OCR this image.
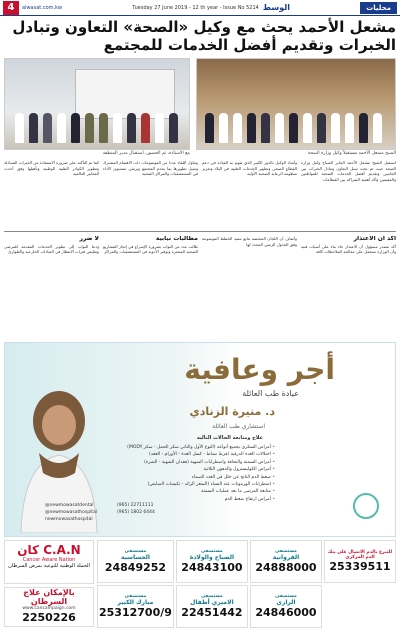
4	alwasat.com.kw	Tuesday 27 June 2019 - 12 th year - Issue No 5214 الوسط	محليات
مشعل الأحمد يحث مع وكيل «الصحة» التعاون وتبادل الخبرات وتقديم أفضل الخدمات للمجتمع
مع الاستاذة، ثم الحضور، استقبال مدير المنطقة	الشيخ مشعل الأحمد مستقبلاً وكيل وزارة الصحة
استقبل الشيخ مشعل الأحمد الجابر الصباح وكيل وزارة الصحة حيث تم بحث سبل التعاون وتبادل الخبرات بين الجانبين وتقديم أفضل الخدمات الصحية للمواطنين والمقيمين وأكد أهمية الشراكة بين القطاعات
وأشاد الوكيل بالدور الكبير الذي تقوم به القيادة في دعم القطاع الصحي وتطوير الخدمات الطبية في البلاد وتعزيز منظومة الرعاية الصحية الأولية
وتناول اللقاء عددا من الموضوعات ذات الاهتمام المشترك وسبل تطويرها بما يخدم المجتمع ويرتقي بمستوى الأداء في المستشفيات والمراكز الصحية
كما تم التأكيد على ضرورة الاستفادة من الخبرات المتبادلة وتطوير الكوادر الطبية الوطنية وتأهيلها وفق أحدث المعايير العالمية
أكد أن الاعتذار
أكد مصدر مسؤول أن الاعتذار جاء بناء على أسباب فنية وأن الوزارة ستعمل على معالجة الملاحظات كافة
وأضاف أن اللجان المختصة تتابع تنفيذ الخطط الموضوعة وفق الجدول الزمني المحدد لها
مطالبات نيابية
طالب عدد من النواب بضرورة الإسراع في إنجاز المشاريع الصحية المتعثرة وتوفير الأدوية في المستشفيات والمراكز
لا ضرر
ودعا النواب إلى تطوير الخدمات المقدمة للمرضى وتقليص فترات الانتظار في العيادات الخارجية والطوارئ
أجر وعافية
عيادة طب العائلة
د. منيرة الزنادي
استشاري طب العائلة
علاج ومتابعة الحالات التالية
• أمراض السكري بجميع أنواعه (النوع الأول والثاني سكر الحمل - سكر MODY)
• اختلالات الغدة الدرقية (فرط نشاط - كسل الغدة - الأورام - العقد)
• أمراض السمنة والنحافة واضطرابات الشهية (فقدان الشهية - الشره)
• أمراض الكوليسترول والدهون الثلاثية
• ضغط الدم الناتج عن خلل في الغدد الصماء
• اضطرابات الهرمونات عند النساء (الشعر الزائد - تكيسات المبايض)
• متابعة المرضى ما بعد عمليات السمنة
• أمراض ارتفاع ضغط الدم
(965) 22711111
(965) 1802 6444
@newmowasatdental
@newmowasathospital
newmowasathospital
كان C.A.N
Cancer Aware Nation
الحملة الوطنية للتوعية بمرض السرطان
بالإمكان علاج السرطان
www.cancampaign.com
2250226
مستشفى
الحساسية
24849252
مستشفى
الصباح والولادة
24843100
مستشفى
الفروانية
24888000
للتبرع بالدم الاتصال على بنك الدم المركزي
25339511
مستشفى
مبارك الكبير
25312700/9
مستشفى
الاميري أطفال
22451442
مستشفى
الرازي
24846000
